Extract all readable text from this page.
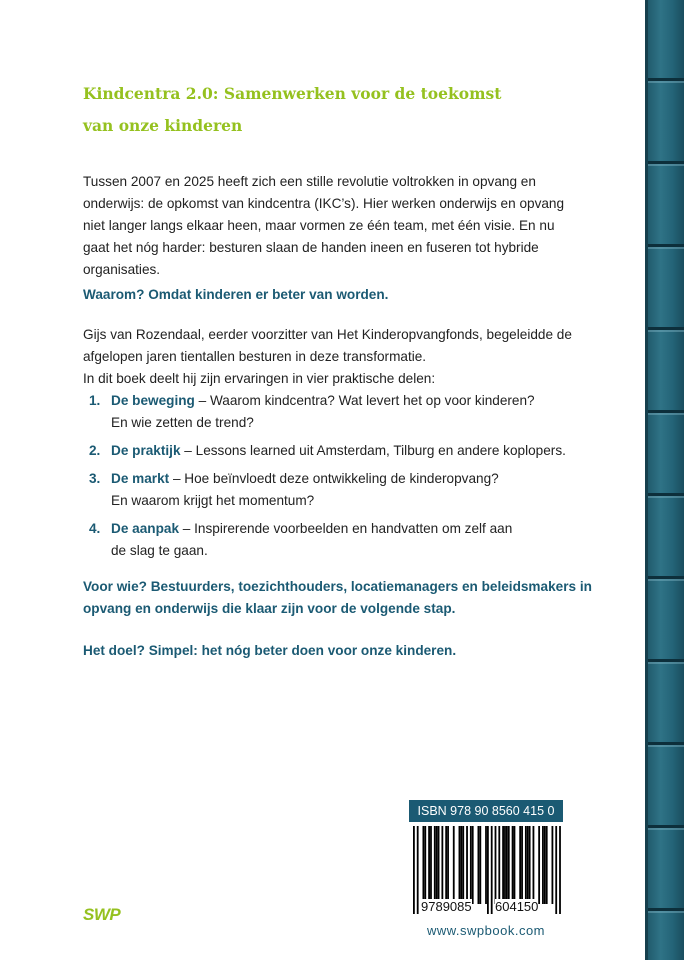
Kindcentra 2.0: Samenwerken voor de toekomst
van onze kinderen
Tussen 2007 en 2025 heeft zich een stille revolutie voltrokken in opvang en
onderwijs: de opkomst van kindcentra (IKC’s). Hier werken onderwijs en opvang
niet langer langs elkaar heen, maar vormen ze één team, met één visie. En nu
gaat het nóg harder: besturen slaan de handen ineen en fuseren tot hybride
organisaties.
Waarom? Omdat kinderen er beter van worden.
Gijs van Rozendaal, eerder voorzitter van Het Kinderopvangfonds, begeleidde de
afgelopen jaren tientallen besturen in deze transformatie.
In dit boek deelt hij zijn ervaringen in vier praktische delen:
1. De beweging – Waarom kindcentra? Wat levert het op voor kinderen?
En wie zetten de trend?
2. De praktijk – Lessons learned uit Amsterdam, Tilburg en andere koplopers.
3. De markt – Hoe beïnvloedt deze ontwikkeling de kinderopvang?
En waarom krijgt het momentum?
4. De aanpak – Inspirerende voorbeelden en handvatten om zelf aan
de slag te gaan.
Voor wie? Bestuurders, toezichthouders, locatiemanagers en beleidsmakers in
opvang en onderwijs die klaar zijn voor de volgende stap.
Het doel? Simpel: het nóg beter doen voor onze kinderen.
ISBN 978 90 8560 415 0
9789085 604150
www.swpbook.com
SWP
